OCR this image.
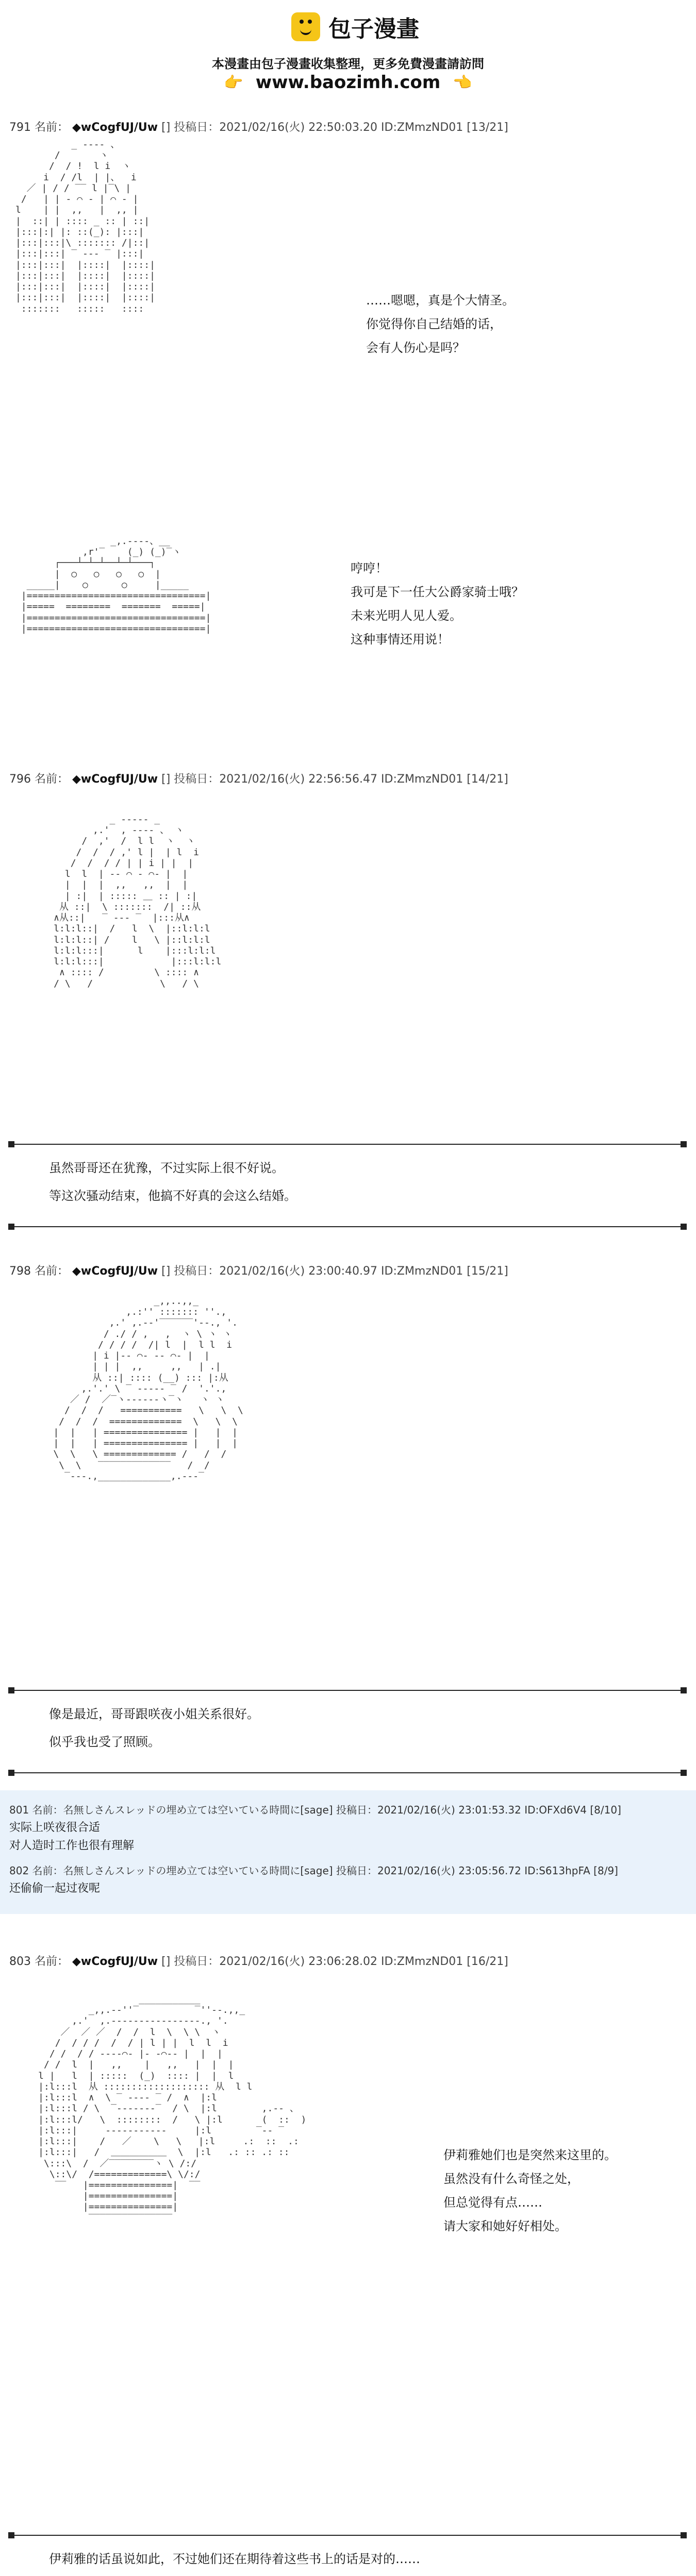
包子漫畫
本漫畫由包子漫畫收集整理，更多免費漫畫請訪問
👉 www.baozimh.com 👈
791 名前： ◆wCogfUJ/Uw [] 投稿日：2021/02/16(火) 22:50:03.20 ID:ZMmzND01 [13/21]
_ -‐‐- 、
/       ヽ
/  / !  l i  ヽ
i  / /l  | |、  i
／ | / / ‾‾ l |‾\ |
/   | | ‐ ⌒ ‐ | ⌒ ‐ |
l    | |  ,,   |  ,, |
|  ::| | :::: _ :: | ::|
|:::|:| |: ::(_): |:::|
|:::|:::|\ ::::::: /|::|
|:::|:::| ‾ ‐‐‐ ‾ |:::|
|:::|:::|  |::::|  |::::|
|:::|:::|  |::::|  |::::|
|:::|:::|  |::::|  |::::|
|:::|:::|  |::::|  |::::|
:::::::   :::::   ::::
……嗯嗯，真是个大情圣。
你觉得你自己结婚的话，
会有人伤心是吗？
_,.-‐‐-、__
,r'‾    (_) (_)‾ヽ
┌───┴─┴─┴──┴─┴───┐
|  ○   ○   ○   ○  |
_____|    ○      ○     |_____
|================================|
|=====  ========  =======  =====|
|================================|
|================================|
哼哼！
我可是下一任大公爵家骑士哦？
未来光明人见人爱。
这种事情还用说！
796 名前： ◆wCogfUJ/Uw [] 投稿日：2021/02/16(火) 22:56:56.47 ID:ZMmzND01 [14/21]
_ -‐‐‐- _
,.'  , -‐‐‐ 、 ヽ
/  ,'  /  l l  ヽ  ヽ
/  /  / ,' l |  | l  i
/  /  / / | | i | |  |
l  l  | ‐‐ ⌒ ‐ ⌒‐ |  |
|  |  |  ,,   ,,  |  |
| :|  | ::::: ＿ :: | :|
从 ::|  \ :::::::  /| ::从
∧从::|   ‾ ‐‐‐ ‾  |:::从∧
l:l:l::|  /   l  \  |::l:l:l
l:l:l::| /    l   \ |::l:l:l
l:l:l:::|      l    |:::l:l:l
l:l:l:::|            |:::l:l:l
∧ :::: /         \ :::: ∧
/ \   /            \   / \
虽然哥哥还在犹豫，不过实际上很不好说。
等这次骚动结束，他搞不好真的会这么结婚。
798 名前： ◆wCogfUJ/Uw [] 投稿日：2021/02/16(火) 23:00:40.97 ID:ZMmzND01 [15/21]
_,,..,,_
,.:'' ::::::: ''.,
,.' ,.-‐'‾‾‾‾‾‾'‐-., '.
/ ./ / ,   ,  ヽ \ ヽ ヽ
/ / / /  /| l  |  l l  i
| i |‐‐ ⌒‐ ‐‐ ⌒‐ |  |
| | |  ,,     ,,   | .|
从 ::| :::: (__) ::: |:从
,.'.' \ ‾ ‐‐‐‐‐ ‾ /  '.'.,
／ /  ／‾ヽ‐‐‐‐‐‐ヽ‾ヽ   ヽ ヽ
/  /  /   ===========   \   \  \
/  /  /  =============  \   \  \
|  |   | =============== |   |  |
|  |   | =============== |   |  |
\  \   \ ============= /   /  /
\  \   ‾‾‾‾‾‾‾‾‾‾‾‾‾   /  /
‾‐‐-.,_____________,.-‐‐‾
像是最近，哥哥跟咲夜小姐关系很好。
似乎我也受了照顾。
801 名前：名無しさんスレッドの埋め立ては空いている時間に[sage] 投稿日：2021/02/16(火) 23:01:53.32 ID:OFXd6V4 [8/10]
实际上咲夜很合适
对人造时工作也很有理解
802 名前：名無しさんスレッドの埋め立ては空いている時間に[sage] 投稿日：2021/02/16(火) 23:05:56.72 ID:S613hpFA [8/9]
还偷偷一起过夜呢
803 名前： ◆wCogfUJ/Uw [] 投稿日：2021/02/16(火) 23:06:28.02 ID:ZMmzND01 [16/21]
___________
_,,.-‐''‾          ‾''‐-.,,_
,.'  ,.-‐‐‐‐‐‐‐‐‐‐‐‐‐‐-., '.
／  ／ ／  /  /  l  \  \ \  ヽ
/  / / /  /  / | l | |  l  l  i
/ /  / / ‐‐‐‐⌒‐ |‐ ‐⌒‐‐ |  |  |
/ /  l  |   ,,    |   ,,   |  |  |
l |   l  | :::::  (_)  :::: |  |  l
|:l:::l  从 ::::::::::::::::::: 从  l l
|:l:::l  ∧  \ ‾ ‐‐‐‐ ‾ /  ∧  |:l
|:l:::l / \  ‾‐‐‐‐‐‐‐‾  / \  |:l        ,.-‐ 、
|:l:::l/   \  ::::::::  /   \ |:l       (  ::  )
|:l:::|     ‐‐‐‐‐‐‐‐‐‐‐     |:l        ‾‐‐ ‾
|:l:::|    /   ／    \   \   |:l     .:  ::  .:
|:l:::|   /  ＿＿＿＿＿＿  \  |:l   .: :: .: ::
\:::\  /  ／‾‾‾‾‾‾‾‾ヽ \ /:/
\::\/  /=============\ \/:/
‾‾   |===============|  ‾‾
|===============|
|===============|
‾‾‾‾‾‾‾‾‾‾‾‾‾‾‾
伊莉雅她们也是突然来这里的。
虽然没有什么奇怪之处，
但总觉得有点……
请大家和她好好相处。
伊莉雅的话虽说如此，不过她们还在期待着这些书上的话是对的……
